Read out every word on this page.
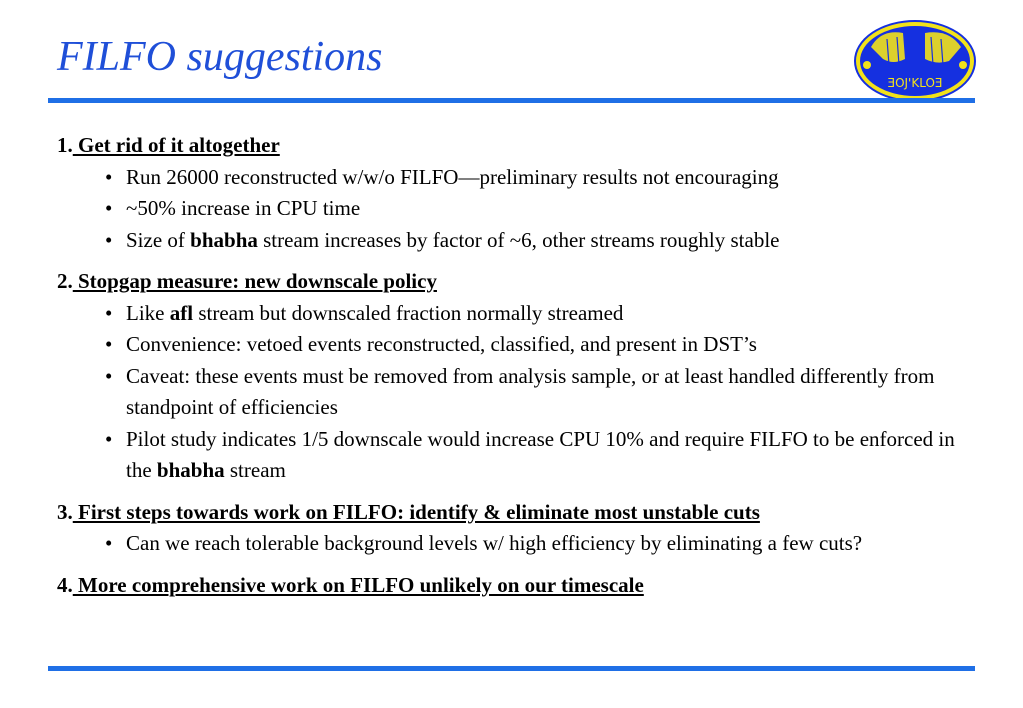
FILFO suggestions
ƎOJ'KLOƎ
1. Get rid of it altogether
• Run 26000 reconstructed w/w/o FILFO—preliminary results not encouraging
• ~50% increase in CPU time
• Size of bhabha stream increases by factor of ~6, other streams roughly stable
2. Stopgap measure: new downscale policy
• Like afl stream but downscaled fraction normally streamed
• Convenience: vetoed events reconstructed, classified, and present in DST’s
• Caveat: these events must be removed from analysis sample, or at least handled differently from standpoint of efficiencies
• Pilot study indicates 1/5 downscale would increase CPU 10% and require FILFO to be enforced in the bhabha stream
3. First steps towards work on FILFO: identify & eliminate most unstable cuts
• Can we reach tolerable background levels w/ high efficiency by eliminating a few cuts?
4. More comprehensive work on FILFO unlikely on our timescale
